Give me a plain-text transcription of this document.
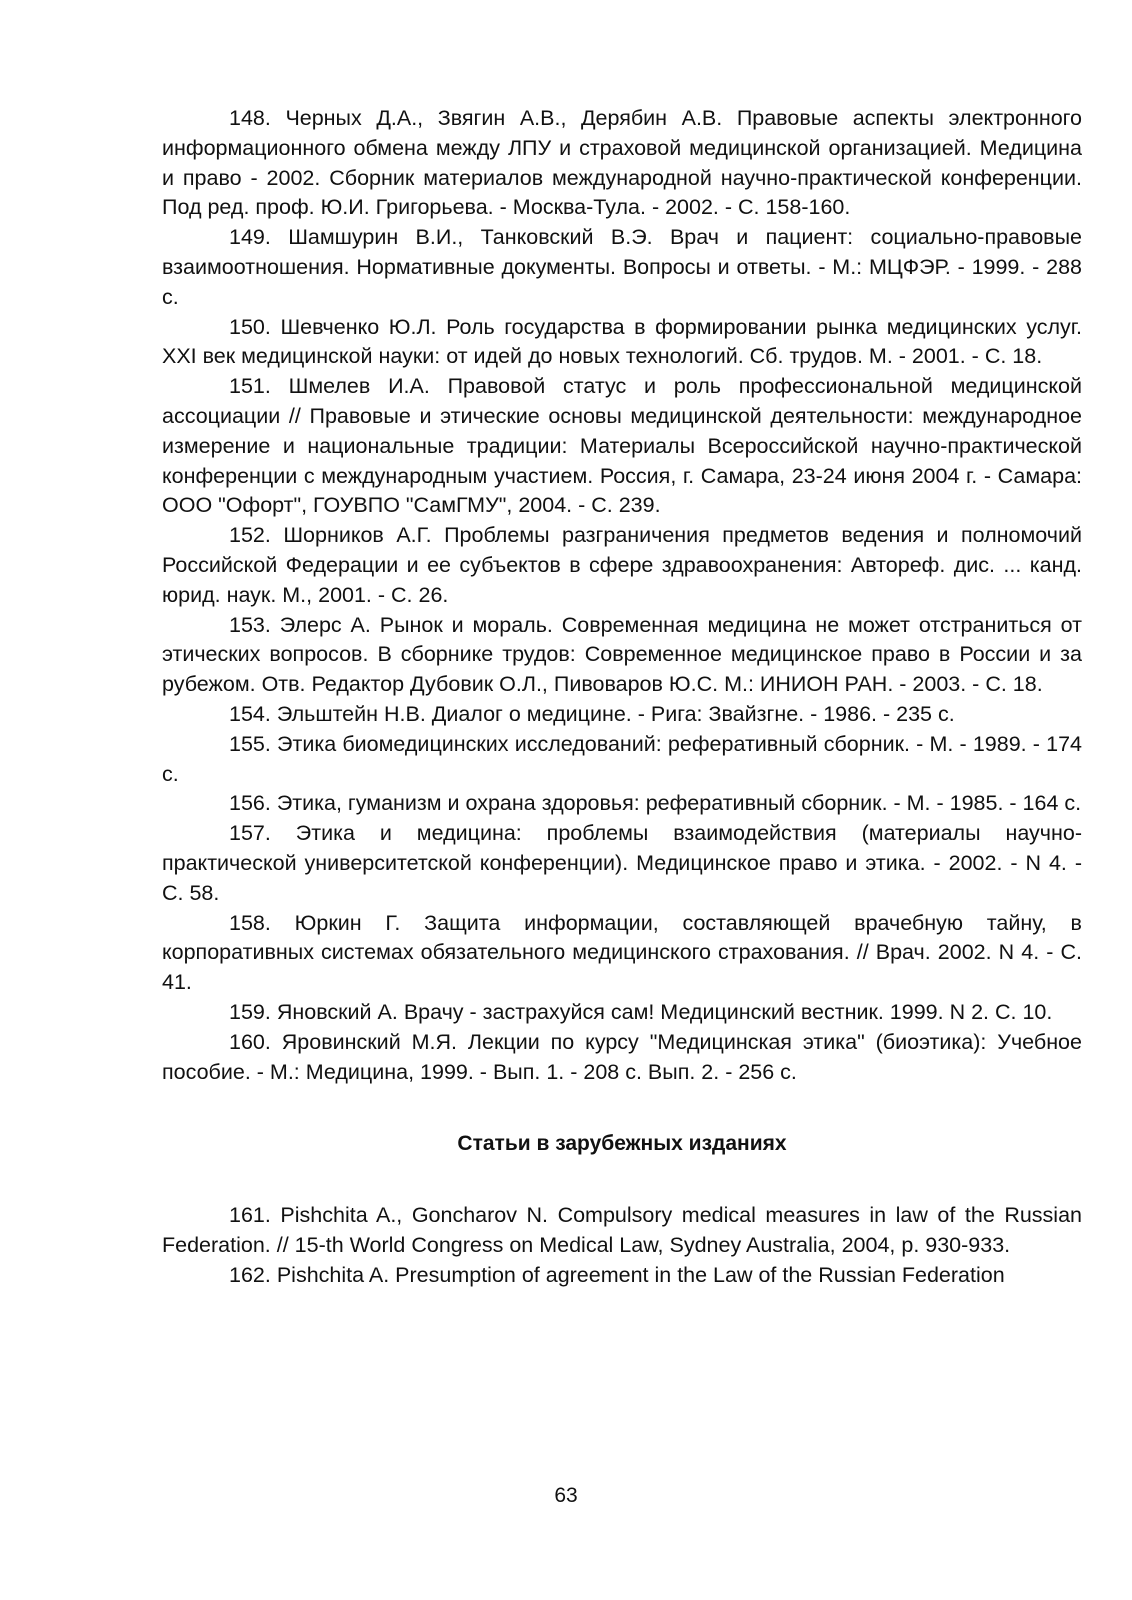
148. Черных Д.А., Звягин А.В., Дерябин А.В. Правовые аспекты электронного информационного обмена между ЛПУ и страховой медицинской организацией. Медицина и право - 2002. Сборник материалов международной научно-практической конференции. Под ред. проф. Ю.И. Григорьева. - Москва-Тула. - 2002. - С. 158-160.
149. Шамшурин В.И., Танковский В.Э. Врач и пациент: социально-правовые взаимоотношения. Нормативные документы. Вопросы и ответы. - М.: МЦФЭР. - 1999. - 288 с.
150. Шевченко Ю.Л. Роль государства в формировании рынка медицинских услуг. XXI век медицинской науки: от идей до новых технологий. Сб. трудов. М. - 2001. - С. 18.
151. Шмелев И.А. Правовой статус и роль профессиональной медицинской ассоциации // Правовые и этические основы медицинской деятельности: международное измерение и национальные традиции: Материалы Всероссийской научно-практической конференции с международным участием. Россия, г. Самара, 23-24 июня 2004 г. - Самара: ООО "Офорт", ГОУВПО "СамГМУ", 2004. - С. 239.
152. Шорников А.Г. Проблемы разграничения предметов ведения и полномочий Российской Федерации и ее субъектов в сфере здравоохранения: Автореф. дис. ... канд. юрид. наук. М., 2001. - С. 26.
153. Элерс А. Рынок и мораль. Современная медицина не может отстраниться от этических вопросов. В сборнике трудов: Современное медицинское право в России и за рубежом. Отв. Редактор Дубовик О.Л., Пивоваров Ю.С. М.: ИНИОН РАН. - 2003. - С. 18.
154. Эльштейн Н.В. Диалог о медицине. - Рига: Звайзгне. - 1986. - 235 с.
155. Этика биомедицинских исследований: реферативный сборник. - М. - 1989. - 174 с.
156. Этика, гуманизм и охрана здоровья: реферативный сборник. - М. - 1985. - 164 с.
157. Этика и медицина: проблемы взаимодействия (материалы научно-практической университетской конференции). Медицинское право и этика. - 2002. - N 4. - С. 58.
158. Юркин Г. Защита информации, составляющей врачебную тайну, в корпоративных системах обязательного медицинского страхования. // Врач. 2002. N 4. - С. 41.
159. Яновский А. Врачу - застрахуйся сам! Медицинский вестник. 1999. N 2. С. 10.
160. Яровинский М.Я. Лекции по курсу "Медицинская этика" (биоэтика): Учебное пособие. - М.: Медицина, 1999. - Вып. 1. - 208 с. Вып. 2. - 256 с.
Статьи в зарубежных изданиях
161. Pishchita A., Goncharov N. Compulsory medical measures in law of the Russian Federation. // 15-th World Congress on Medical Law, Sydney Australia, 2004, p. 930-933.
162. Pishchita A. Presumption of agreement in the Law of the Russian Federation
63
